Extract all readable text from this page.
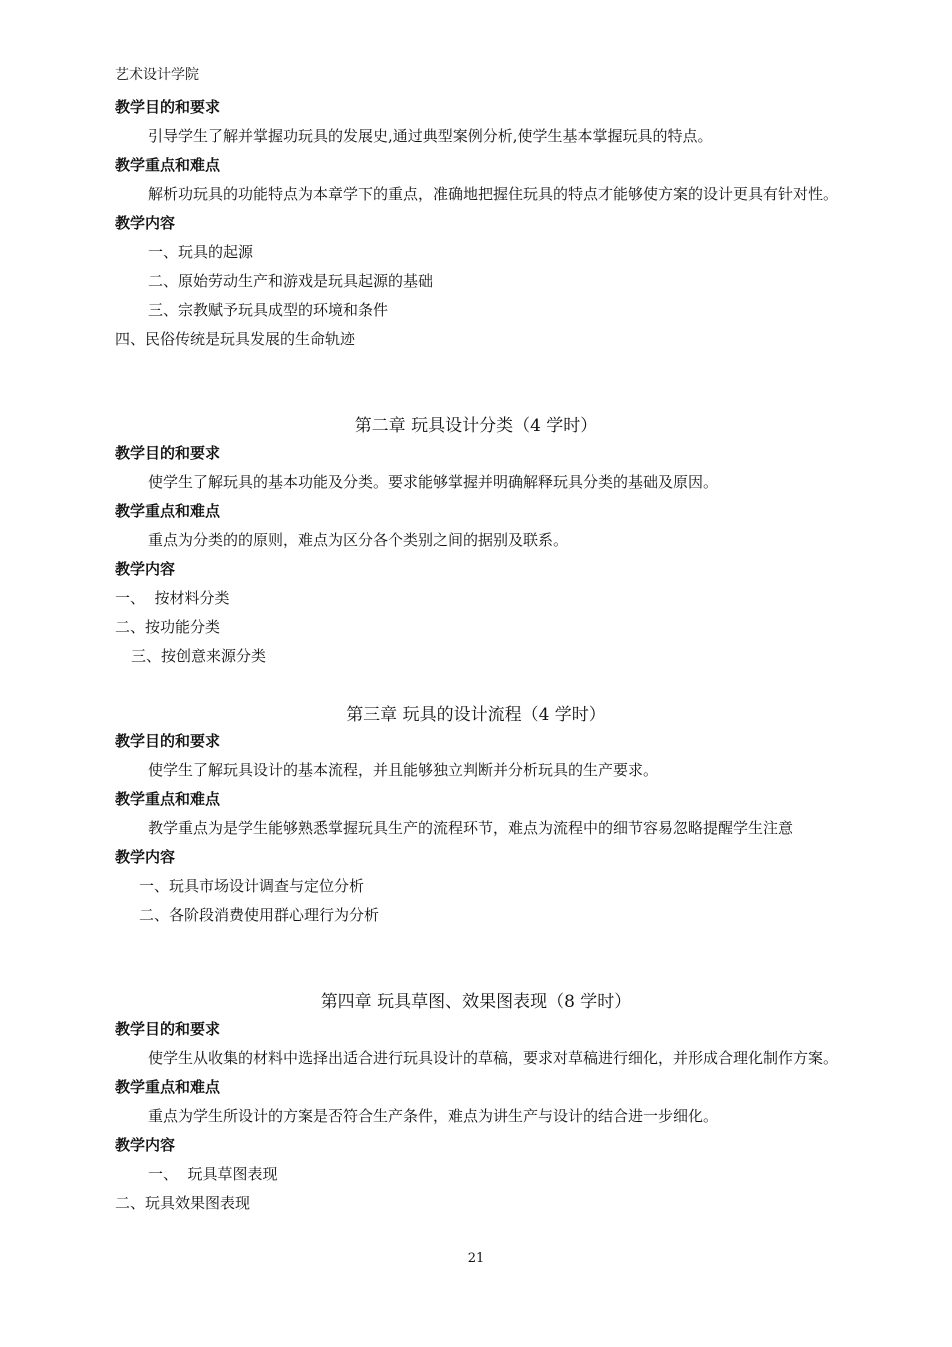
艺术设计学院
教学目的和要求
引导学生了解并掌握功玩具的发展史,通过典型案例分析,使学生基本掌握玩具的特点。
教学重点和难点
解析功玩具的功能特点为本章学下的重点，准确地把握住玩具的特点才能够使方案的设计更具有针对性。
教学内容
一、玩具的起源
二、原始劳动生产和游戏是玩具起源的基础
三、宗教赋予玩具成型的环境和条件
四、民俗传统是玩具发展的生命轨迹
第二章 玩具设计分类（4 学时）
教学目的和要求
使学生了解玩具的基本功能及分类。要求能够掌握并明确解释玩具分类的基础及原因。
教学重点和难点
重点为分类的的原则，难点为区分各个类别之间的据别及联系。
教学内容
一、  按材料分类
二、按功能分类
三、按创意来源分类
第三章 玩具的设计流程（4 学时）
教学目的和要求
使学生了解玩具设计的基本流程，并且能够独立判断并分析玩具的生产要求。
教学重点和难点
教学重点为是学生能够熟悉掌握玩具生产的流程环节，难点为流程中的细节容易忽略提醒学生注意
教学内容
一、玩具市场设计调查与定位分析
二、各阶段消费使用群心理行为分析
第四章 玩具草图、效果图表现（8 学时）
教学目的和要求
使学生从收集的材料中选择出适合进行玩具设计的草稿，要求对草稿进行细化，并形成合理化制作方案。
教学重点和难点
重点为学生所设计的方案是否符合生产条件，难点为讲生产与设计的结合进一步细化。
教学内容
一、  玩具草图表现
二、玩具效果图表现
21
